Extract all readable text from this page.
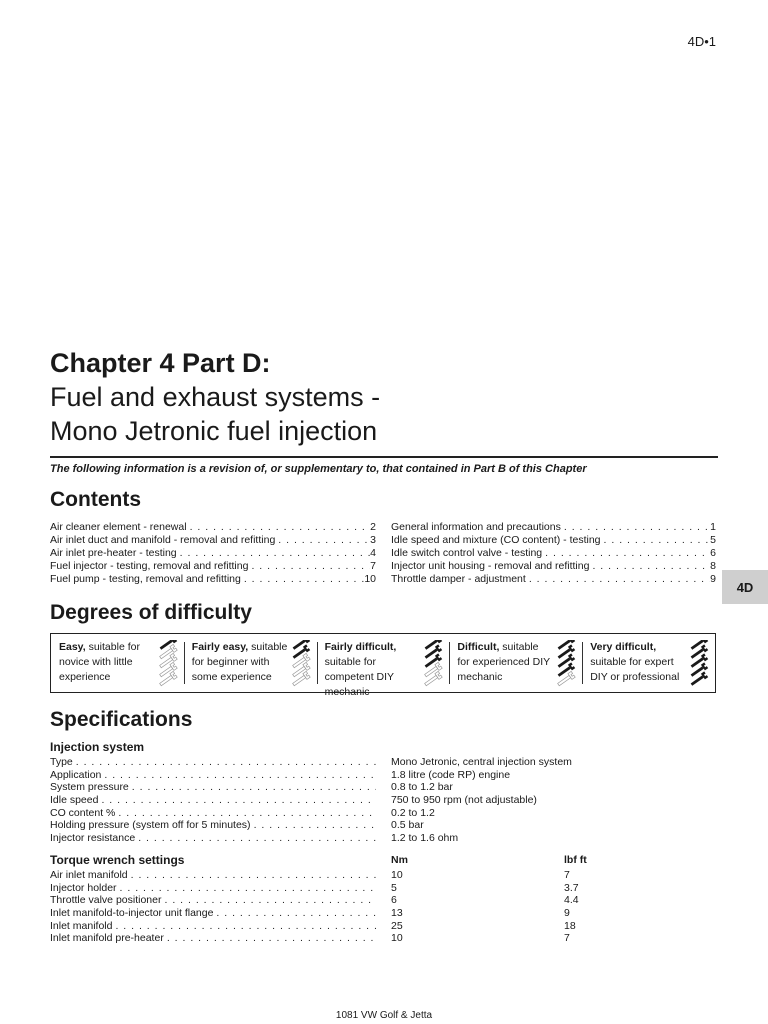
4D•1
Chapter 4 Part D:
Fuel and exhaust systems -
Mono Jetronic fuel injection
The following information is a revision of, or supplementary to, that contained in Part B of this Chapter
Contents
Air cleaner element - renewal . . .	2
Air inlet duct and manifold - removal and refitting . . .	3
Air inlet pre-heater - testing . . .	4
Fuel injector - testing, removal and refitting . . .	7
Fuel pump - testing, removal and refitting . . .	10
General information and precautions . . .	1
Idle speed and mixture (CO content) - testing . . .	5
Idle switch control valve - testing . . .	6
Injector unit housing - removal and refitting . . .	8
Throttle damper - adjustment . . .	9
4D
Degrees of difficulty
Easy, suitable for novice with little experience
Fairly easy, suitable for beginner with some experience
Fairly difficult, suitable for competent DIY mechanic
Difficult, suitable for experienced DIY mechanic
Very difficult, suitable for expert DIY or professional
Specifications
Injection system
Type . . .	Mono Jetronic, central injection system
Application . . .	1.8 litre (code RP) engine
System pressure . . .	0.8 to 1.2 bar
Idle speed . . .	750 to 950 rpm (not adjustable)
CO content % . . .	0.2 to 1.2
Holding pressure (system off for 5 minutes) . . .	0.5 bar
Injector resistance . . .	1.2 to 1.6 ohm
Torque wrench settings	Nm	lbf ft
Air inlet manifold . . .	10	7
Injector holder . . .	5	3.7
Throttle valve positioner . . .	6	4.4
Inlet manifold-to-injector unit flange . . .	13	9
Inlet manifold . . .	25	18
Inlet manifold pre-heater . . .	10	7
1081 VW Golf & Jetta
